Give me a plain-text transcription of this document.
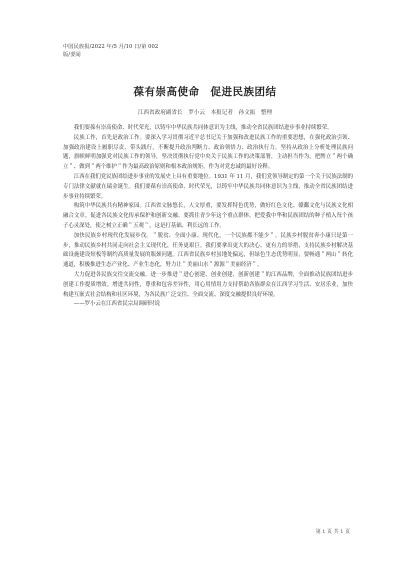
中国民族报/2022 年/5 月/10 日/第 002
版/要闻
葆有崇高使命　促进民族团结
江西省政府副省长　罗小云　本报记者　孙文振　整理

我们要葆有崇高使命、时代荣光，以铸牢中华民族共同体意识为主线，推动全省民族团结进步事业持续繁荣。

民族工作，首先是政治工作。要深入学习贯彻习近平总书记关于加强和改进民族工作的重要思想，在强化政治引领、加强政治建设上履职尽责、带头践行，不断提升政治判断力、政治领悟力、政治执行力。坚持从政治上分析处理民族问题，旗帜鲜明加强党对民族工作的领导，坚决贯彻执行党中央关于民族工作的决策部署，主动担当作为，把牌立＂两个确立＂、做到＂两个维护＂作为最高政治原则和根本政治规矩，作为对党忠诚的最好诠释。

江西在我们党民族团结进步事业的发展史上具有重要地位。1931 年 11 月，我们党领导制定的第一个关于民族法制的专门法律文献就在瑞金诞生。我们要葆有崇高使命、时代荣光，以铸牢中华民族共同体意识为主线，推动全省民族团结进步事业持续繁荣。

构筑中华民族共有精神家园。江西省文脉悠长，人文厚重，要发挥特色优势，做好红色文化、赣鄱文化与民族文化相融合文章。促进各民族文化传承保护和创新交融。要抓住青少年这个重点群体，把爱我中华和民族团结的种子植入每个孩子心灵深处，使之树立正确＂五观＂，这是打基础、利长远的工作。

加快民族乡村现代化发展步伐。＂脱贫、全面小康、现代化，一个民族都不能少＂。民族乡村脱贫奔小康只是第一步，推动民族乡村共同走向社会主义现代化，任务更艰巨。我们要拿出更大的决心、更有力的举措，支持民族乡村解决基础设施建设短板等制约高质量发展的瓶颈问题。江西省民族乡村虽地处偏远，但绿色生态优势明显，要畅通＂两山＂转化通道，积极推进生态产业化、产业生态化，努力让＂美丽山水＂源源＂美丽经济＂。

大力促进各民族交往交流交融。进一步推进＂进心创建、创业创建、创新创建＂的江西品牌，全面推动民族团结进步创建工作提质增效。增进共同性，尊重和包容差异性，用心用情用力支持帮助各族群众在江西学习生活、安居乐业，加快构建互嵌式社会结构和社区环境，为各民族广泛交往、全面交流、深度交融提供良好环境。

——罗小云在江西省民宗局调研时说

第 1 页 共 1 页
